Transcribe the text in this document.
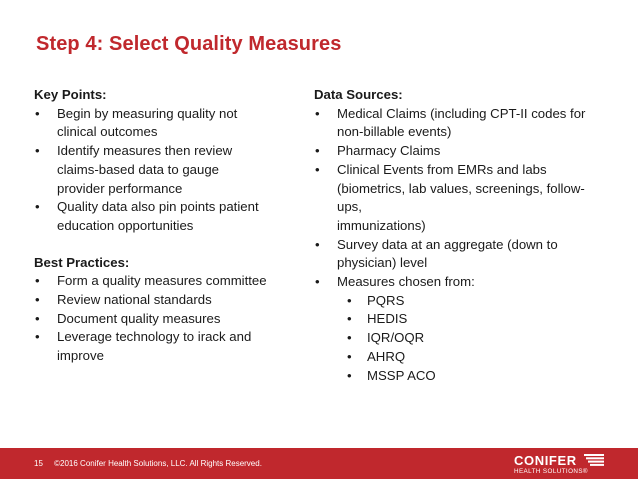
Step 4: Select Quality Measures
Key Points:
• Begin by measuring quality not
clinical outcomes
• Identify measures then review
claims-based data to gauge
provider performance
• Quality data also pin points patient
education opportunities
Best Practices:
• Form a quality measures committee
• Review national standards
• Document quality measures
• Leverage technology to irack and
improve
Data Sources:
• Medical Claims (including CPT-II codes for
non-billable events)
• Pharmacy Claims
• Clinical Events from EMRs and labs
(biometrics, lab values, screenings, follow-ups,
immunizations)
• Survey data at an aggregate (down to
physician) level
• Measures chosen from:
• PQRS
• HEDIS
• IQR/OQR
• AHRQ
• MSSP ACO
15 ©2016 Conifer Health Solutions, LLC. All Rights Reserved.	CONIFER
HEALTH SOLUTIONS®
